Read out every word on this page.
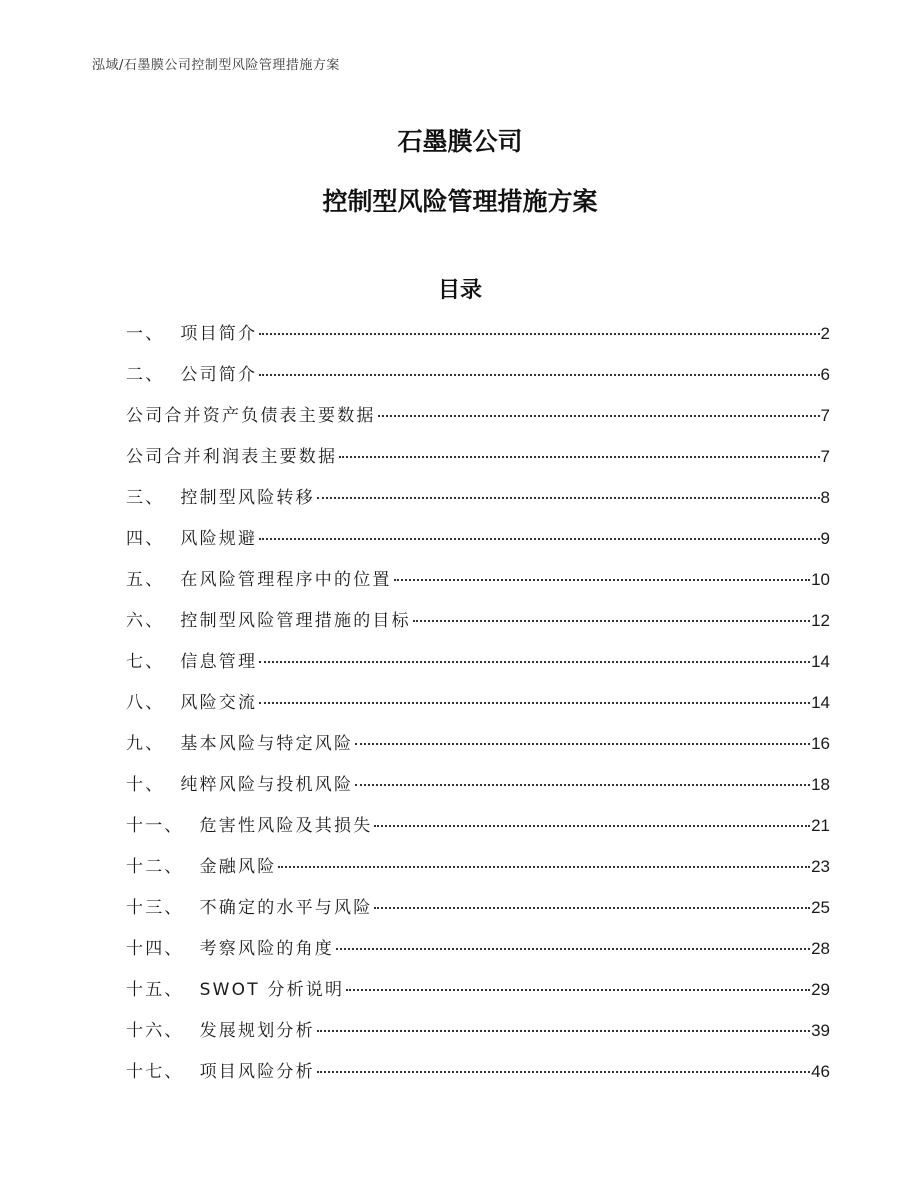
泓域/石墨膜公司控制型风险管理措施方案
石墨膜公司
控制型风险管理措施方案
目录
一、 项目简介	2
二、 公司简介	6
公司合并资产负债表主要数据	7
公司合并利润表主要数据	7
三、 控制型风险转移	8
四、 风险规避	9
五、 在风险管理程序中的位置	10
六、 控制型风险管理措施的目标	12
七、 信息管理	14
八、 风险交流	14
九、 基本风险与特定风险	16
十、 纯粹风险与投机风险	18
十一、 危害性风险及其损失	21
十二、 金融风险	23
十三、 不确定的水平与风险	25
十四、 考察风险的角度	28
十五、 SWOT 分析说明	29
十六、 发展规划分析	39
十七、 项目风险分析	46
